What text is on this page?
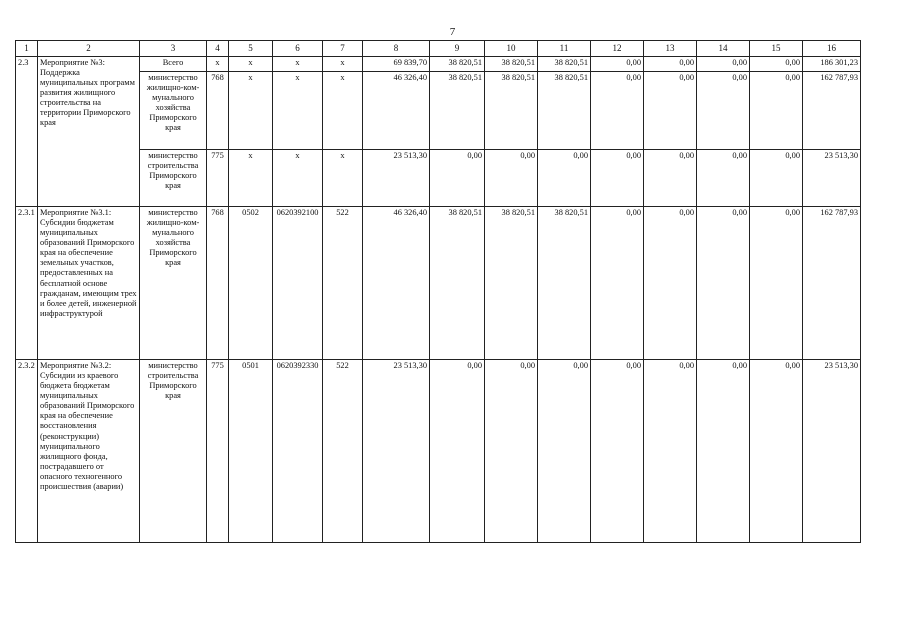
7
1	2	3	4	5	6	7	8	9	10	11	12	13	14	15	16
2.3	Мероприятие №3: Поддержка муниципальных программ развития жилищного строительства на территории Приморского края	Всего	x	x	x	x	69 839,70	38 820,51	38 820,51	38 820,51	0,00	0,00	0,00	0,00	186 301,23
		министерство жилищно-коммунального хозяйства Приморского края	768	x	x	x	46 326,40	38 820,51	38 820,51	38 820,51	0,00	0,00	0,00	0,00	162 787,93
		министерство строительства Приморского края	775	x	x	x	23 513,30	0,00	0,00	0,00	0,00	0,00	0,00	0,00	23 513,30
2.3.1	Мероприятие №3.1: Субсидии бюджетам муниципальных образований Приморского края на обеспечение земельных участков, предоставленных на бесплатной основе гражданам, имеющим трех и более детей, инженерной инфраструктурой	министерство жилищно-коммунального хозяйства Приморского края	768	0502	0620392100	522	46 326,40	38 820,51	38 820,51	38 820,51	0,00	0,00	0,00	0,00	162 787,93
2.3.2	Мероприятие №3.2: Субсидии из краевого бюджета бюджетам муниципальных образований Приморского края на обеспечение восстановления (реконструкции) муниципального жилищного фонда, пострадавшего от опасного техногенного происшествия (аварии)	министерство строительства Приморского края	775	0501	0620392330	522	23 513,30	0,00	0,00	0,00	0,00	0,00	0,00	0,00	23 513,30
